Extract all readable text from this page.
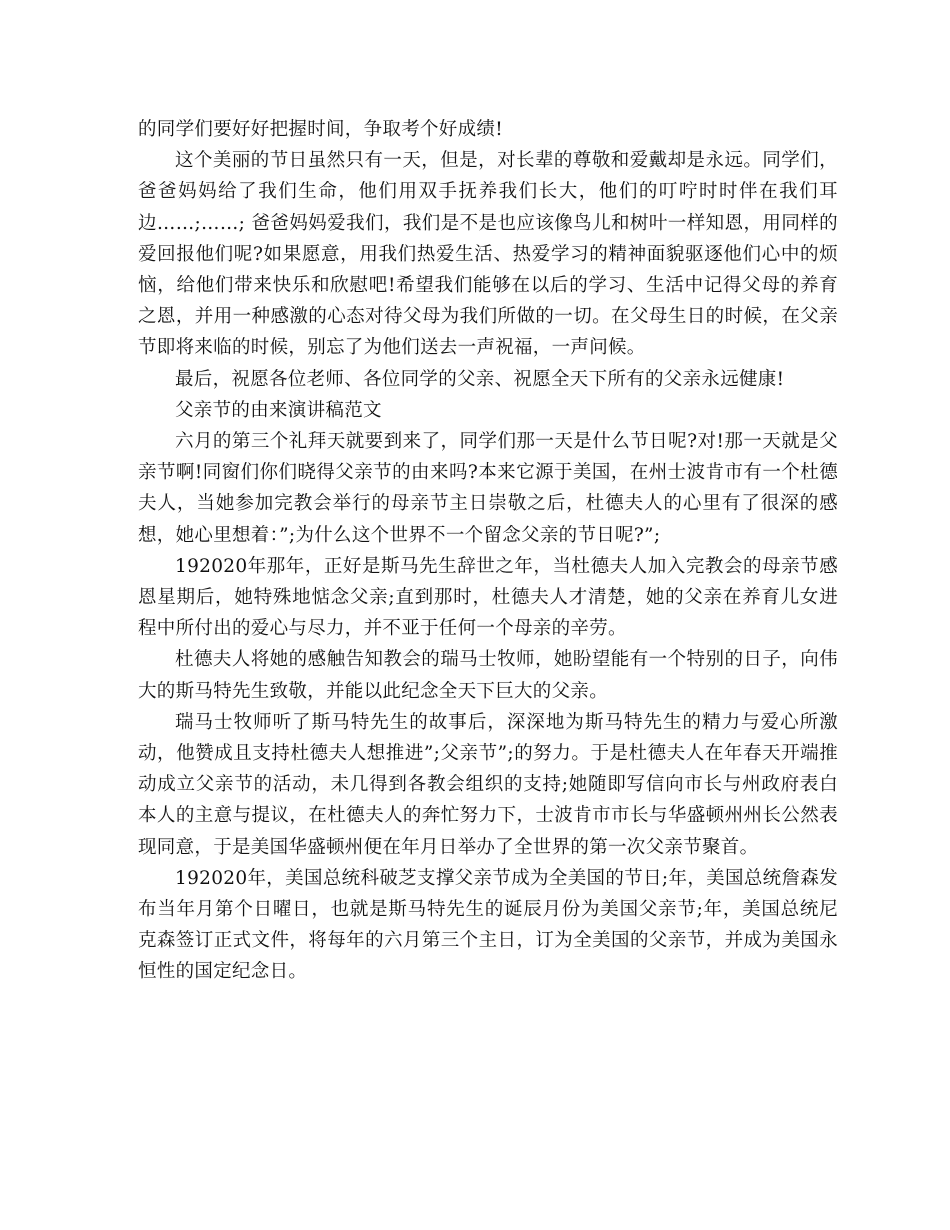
的同学们要好好把握时间，争取考个好成绩!

这个美丽的节日虽然只有一天，但是，对长辈的尊敬和爱戴却是永远。同学们，爸爸妈妈给了我们生命，他们用双手抚养我们长大，他们的叮咛时时伴在我们耳边……;……; 爸爸妈妈爱我们，我们是不是也应该像鸟儿和树叶一样知恩，用同样的爱回报他们呢?如果愿意，用我们热爱生活、热爱学习的精神面貌驱逐他们心中的烦恼，给他们带来快乐和欣慰吧!希望我们能够在以后的学习、生活中记得父母的养育之恩，并用一种感激的心态对待父母为我们所做的一切。在父母生日的时候，在父亲节即将来临的时候，别忘了为他们送去一声祝福，一声问候。

最后，祝愿各位老师、各位同学的父亲、祝愿全天下所有的父亲永远健康!

父亲节的由来演讲稿范文

六月的第三个礼拜天就要到来了，同学们那一天是什么节日呢?对!那一天就是父亲节啊!同窗们你们晓得父亲节的由来吗?本来它源于美国，在州士波肯市有一个杜德夫人，当她参加完教会举行的母亲节主日崇敬之后，杜德夫人的心里有了很深的感想，她心里想着：”;为什么这个世界不一个留念父亲的节日呢?”;

192020年那年，正好是斯马先生辞世之年，当杜德夫人加入完教会的母亲节感恩星期后，她特殊地惦念父亲;直到那时，杜德夫人才清楚，她的父亲在养育儿女进程中所付出的爱心与尽力，并不亚于任何一个母亲的辛劳。

杜德夫人将她的感触告知教会的瑞马士牧师，她盼望能有一个特别的日子，向伟大的斯马特先生致敬，并能以此纪念全天下巨大的父亲。

瑞马士牧师听了斯马特先生的故事后，深深地为斯马特先生的精力与爱心所激动，他赞成且支持杜德夫人想推进”;父亲节”;的努力。于是杜德夫人在年春天开端推动成立父亲节的活动，未几得到各教会组织的支持;她随即写信向市长与州政府表白本人的主意与提议，在杜德夫人的奔忙努力下，士波肯市市长与华盛顿州州长公然表现同意，于是美国华盛顿州便在年月日举办了全世界的第一次父亲节聚首。

192020年，美国总统科破芝支撑父亲节成为全美国的节日;年，美国总统詹森发布当年月第个日曜日，也就是斯马特先生的诞辰月份为美国父亲节;年，美国总统尼克森签订正式文件，将每年的六月第三个主日，订为全美国的父亲节，并成为美国永恒性的国定纪念日。
